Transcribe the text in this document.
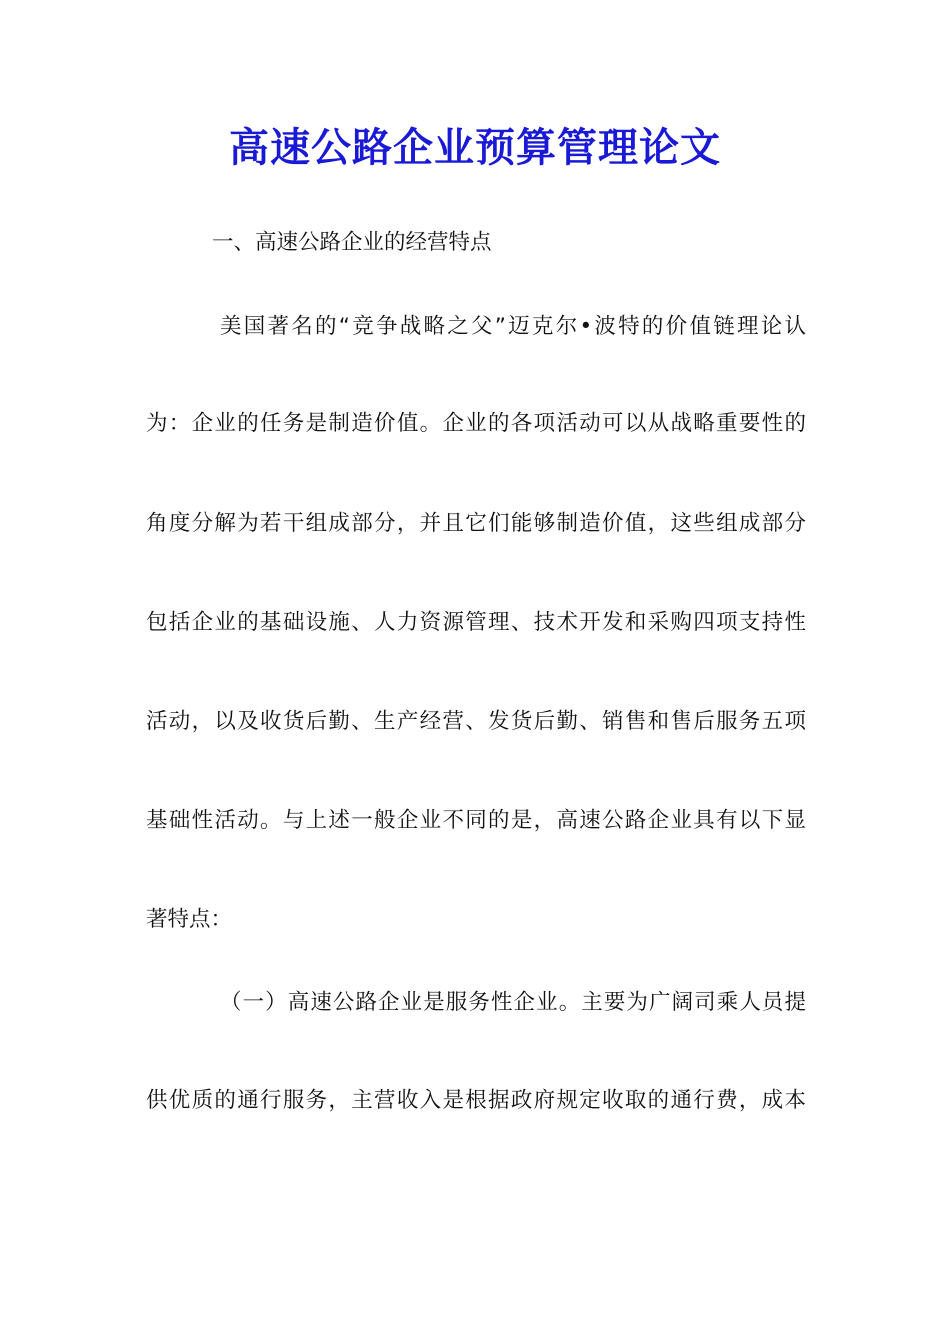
高速公路企业预算管理论文

一、高速公路企业的经营特点

美国著名的“竞争战略之父”迈克尔•波特的价值链理论认

为：企业的任务是制造价值。企业的各项活动可以从战略重要性的

角度分解为若干组成部分，并且它们能够制造价值，这些组成部分

包括企业的基础设施、人力资源管理、技术开发和采购四项支持性

活动，以及收货后勤、生产经营、发货后勤、销售和售后服务五项

基础性活动。与上述一般企业不同的是，高速公路企业具有以下显

著特点：

（一）高速公路企业是服务性企业。主要为广阔司乘人员提

供优质的通行服务，主营收入是根据政府规定收取的通行费，成本
